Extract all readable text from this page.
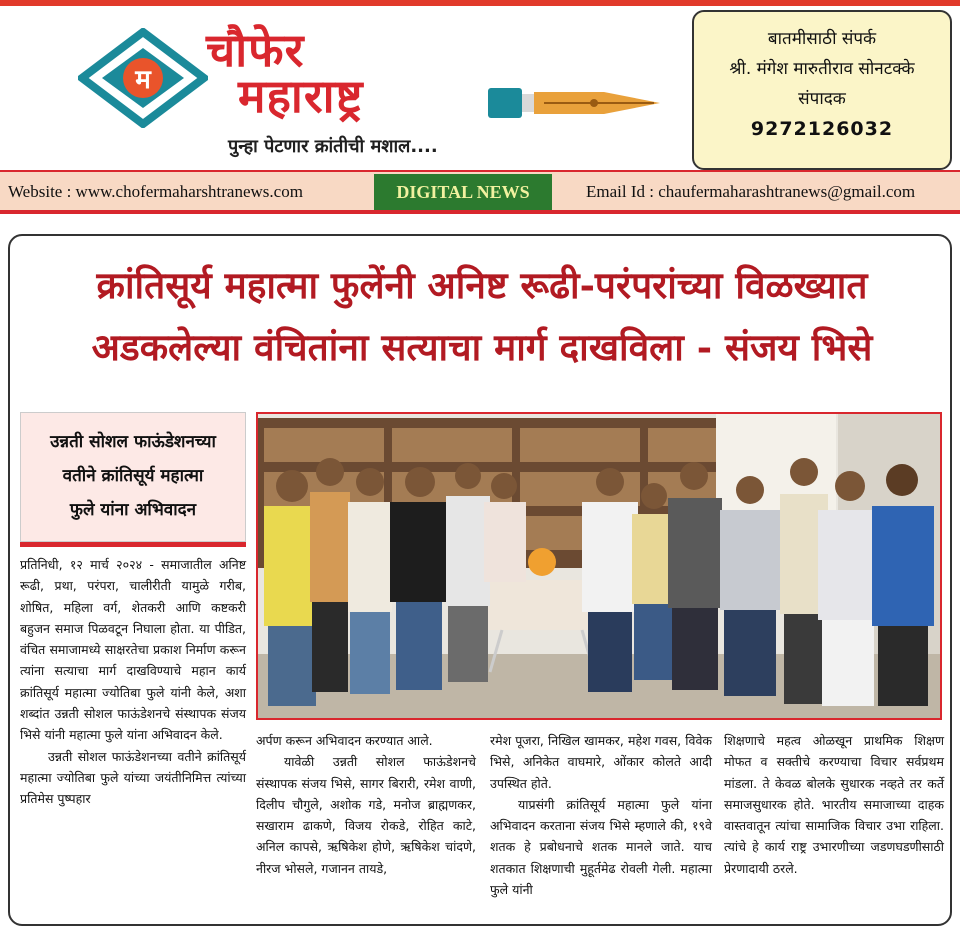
म
चौफेर
महाराष्ट्र
पुन्हा पेटणार क्रांतीची मशाल....
बातमीसाठी संपर्क
श्री. मंगेश मारुतीराव सोनटक्के
संपादक
9272126032
Website : www.chofermaharshtranews.com	DIGITAL NEWS	Email Id : chaufermaharashtranews@gmail.com
क्रांतिसूर्य महात्मा फुलेंनी अनिष्ट रूढी-परंपरांच्या विळख्यात
अडकलेल्या वंचितांना सत्याचा मार्ग दाखविला - संजय भिसे
उन्नती सोशल फाऊंडेशनच्या
वतीने क्रांतिसूर्य महात्मा
फुले यांना अभिवादन

प्रतिनिधी, १२ मार्च २०२४ - समाजातील अनिष्ट रूढी, प्रथा, परंपरा, चालीरीती यामुळे गरीब, शोषित, महिला वर्ग, शेतकरी आणि कष्टकरी बहुजन समाज पिळवटून निघाला होता. या पीडित, वंचित समाजामध्ये साक्षरतेचा प्रकाश निर्माण करून त्यांना सत्याचा मार्ग दाखविण्याचे महान कार्य क्रांतिसूर्य महात्मा ज्योतिबा फुले यांनी केले, अशा शब्दांत उन्नती सोशल फाऊंडेशनचे संस्थापक संजय भिसे यांनी महात्मा फुले यांना अभिवादन केले.

उन्नती सोशल फाऊंडेशनच्या वतीने क्रांतिसूर्य महात्मा ज्योतिबा फुले यांच्या जयंतीनिमित्त त्यांच्या प्रतिमेस पुष्पहार

अर्पण करून अभिवादन करण्यात आले.

यावेळी उन्नती सोशल फाऊंडेशनचे संस्थापक संजय भिसे, सागर बिरारी, रमेश वाणी, दिलीप चौगुले, अशोक गडे, मनोज ब्राह्मणकर, सखाराम ढाकणे, विजय रोकडे, रोहित काटे, अनिल कापसे, ऋषिकेश होणे, ऋषिकेश चांदणे, नीरज भोसले, गजानन तायडे,

रमेश पूजरा, निखिल खामकर, महेश गवस, विवेक भिसे, अनिकेत वाघमारे, ओंकार कोलते आदी उपस्थित होते.

याप्रसंगी क्रांतिसूर्य महात्मा फुले यांना अभिवादन करताना संजय भिसे म्हणाले की, १९वे शतक हे प्रबोधनाचे शतक मानले जाते. याच शतकात शिक्षणाची मुहूर्तमेढ रोवली गेली. महात्मा फुले यांनी

शिक्षणाचे महत्व ओळखून प्राथमिक शिक्षण मोफत व सक्तीचे करण्याचा विचार सर्वप्रथम मांडला. ते केवळ बोलके सुधारक नव्हते तर कर्ते समाजसुधारक होते. भारतीय समाजाच्या दाहक वास्तवातून त्यांचा सामाजिक विचार उभा राहिला. त्यांचे हे कार्य राष्ट्र उभारणीच्या जडणघडणीसाठी प्रेरणादायी ठरले.
